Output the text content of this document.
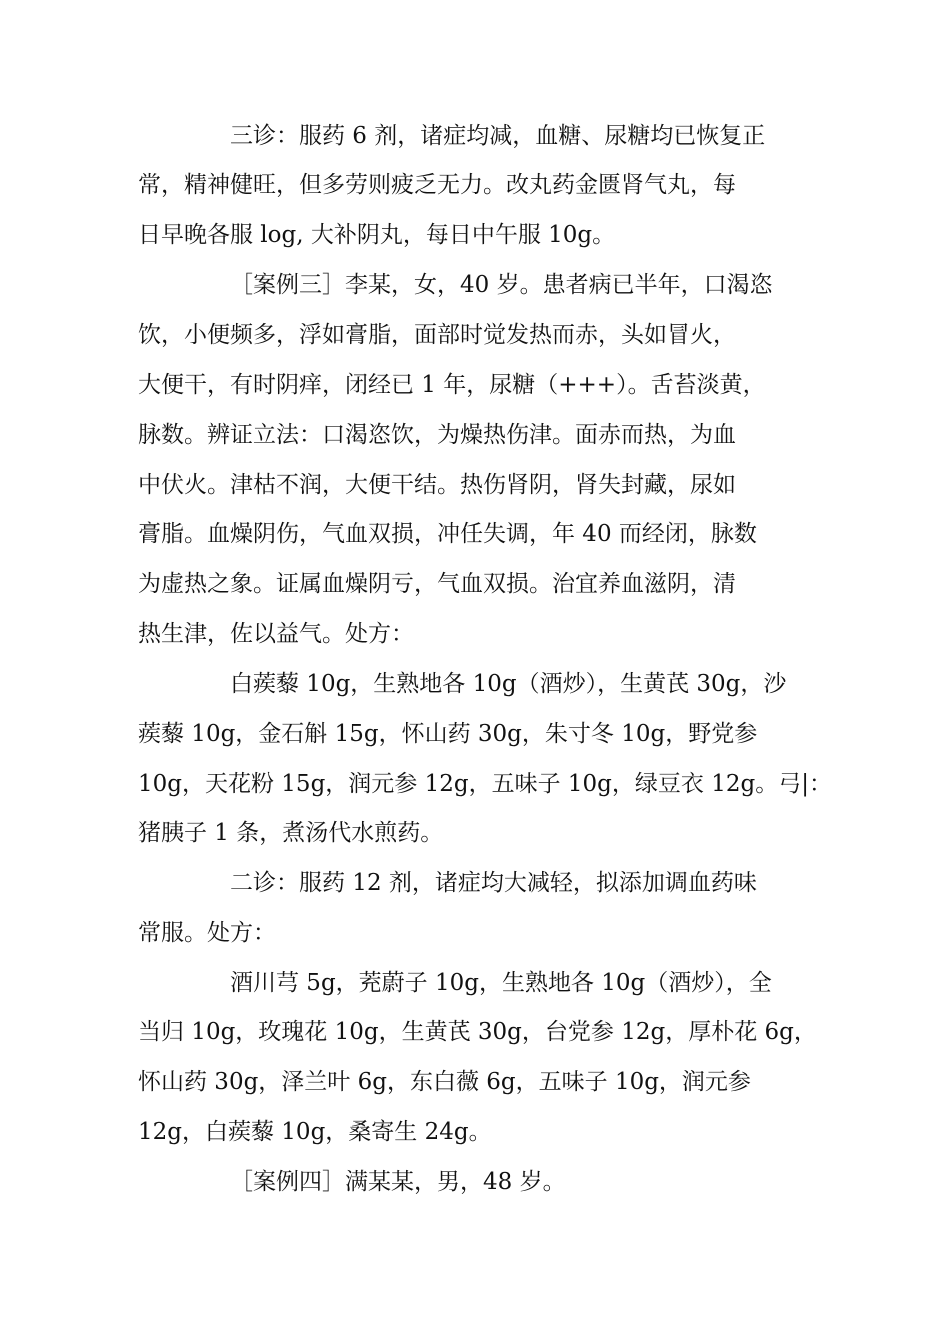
三诊：服药 6 剂，诸症均减，血糖、尿糖均已恢复正
常，精神健旺，但多劳则疲乏无力。改丸药金匮肾气丸，每
日早晚各服 log, 大补阴丸，每日中午服 10g。
［案例三］李某，女，40 岁。患者病已半年，口渴恣
饮，小便频多，浮如膏脂，面部时觉发热而赤，头如冒火，
大便干，有时阴痒，闭经已 1 年，尿糖（+++）。舌苔淡黄，
脉数。辨证立法：口渴恣饮，为燥热伤津。面赤而热，为血
中伏火。津枯不润，大便干结。热伤肾阴，肾失封藏，尿如
膏脂。血燥阴伤，气血双损，冲任失调，年 40 而经闭，脉数
为虚热之象。证属血燥阴亏，气血双损。治宜养血滋阴，清
热生津，佐以益气。处方：
白蒺藜 10g，生熟地各 10g（酒炒），生黄芪 30g，沙
蒺藜 10g，金石斛 15g，怀山药 30g，朱寸冬 10g，野党参
10g，天花粉 15g，润元参 12g，五味子 10g，绿豆衣 12g。弓|：
猪胰子 1 条，煮汤代水煎药。
二诊：服药 12 剂，诸症均大减轻，拟添加调血药味
常服。处方：
酒川芎 5g，茺蔚子 10g，生熟地各 10g（酒炒），全
当归 10g，玫瑰花 10g，生黄芪 30g，台党参 12g，厚朴花 6g，
怀山药 30g，泽兰叶 6g，东白薇 6g，五味子 10g，润元参
12g，白蒺藜 10g，桑寄生 24g。
［案例四］满某某，男，48 岁。
